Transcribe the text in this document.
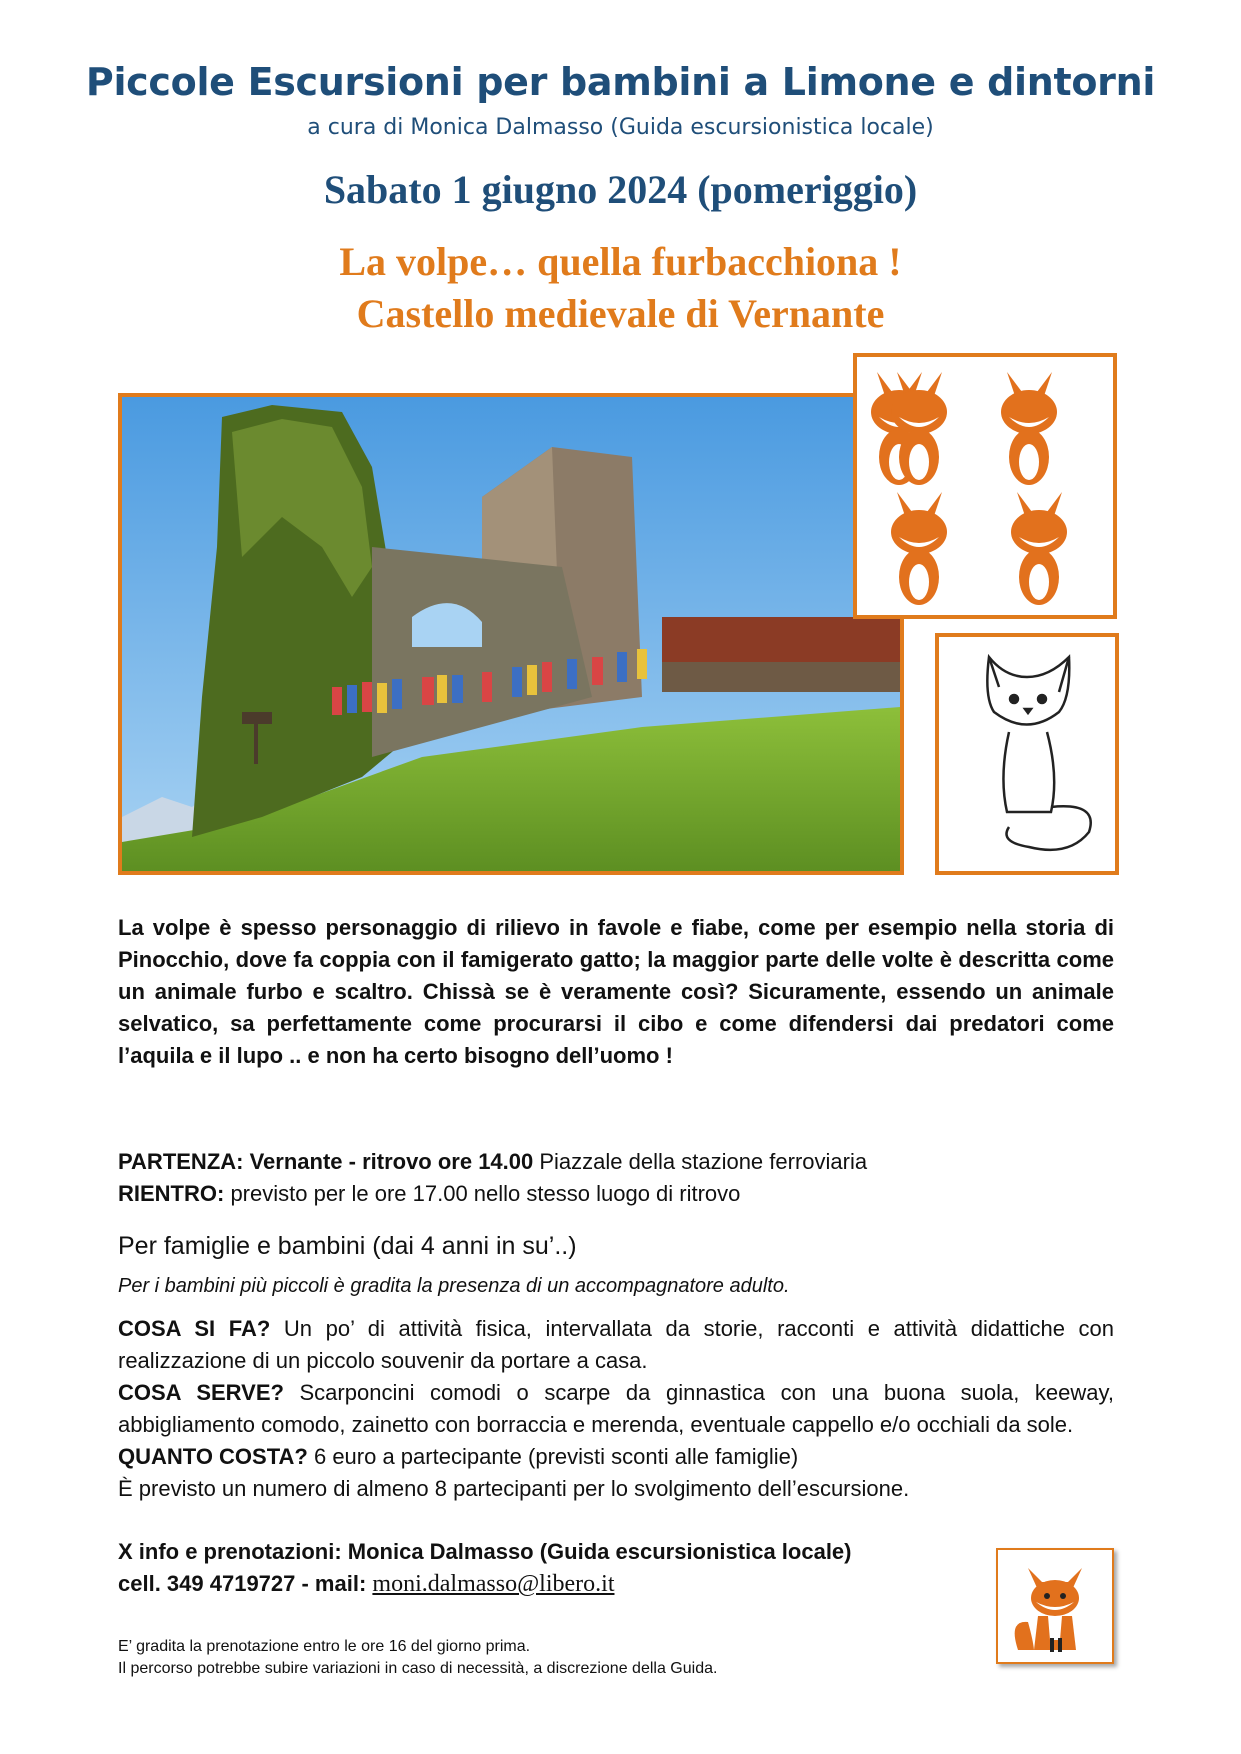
Piccole Escursioni per bambini a Limone e dintorni
a cura di Monica Dalmasso (Guida escursionistica locale)
Sabato 1 giugno 2024 (pomeriggio)
La volpe… quella furbacchiona !
Castello medievale di Vernante
La volpe è spesso personaggio di rilievo in favole e fiabe, come per esempio nella storia di Pinocchio, dove fa coppia con il famigerato gatto; la maggior parte delle volte è descritta come un animale furbo e scaltro. Chissà se è veramente così? Sicuramente, essendo un animale selvatico, sa perfettamente come procurarsi il cibo e come difendersi dai predatori come l’aquila e il lupo .. e non ha certo bisogno dell’uomo !
PARTENZA: Vernante - ritrovo ore 14.00 Piazzale della stazione ferroviaria
RIENTRO: previsto per le ore 17.00 nello stesso luogo di ritrovo
Per famiglie e bambini (dai 4 anni in su’..)
Per i bambini più piccoli è gradita la presenza di un accompagnatore adulto.
COSA SI FA? Un po’ di attività fisica, intervallata da storie, racconti e attività didattiche con
realizzazione di un piccolo souvenir da portare a casa.
COSA SERVE? Scarponcini comodi o scarpe da ginnastica con una buona suola, keeway,
abbigliamento comodo, zainetto con borraccia e merenda, eventuale cappello e/o occhiali da sole.
QUANTO COSTA? 6 euro a partecipante (previsti sconti alle famiglie)
È previsto un numero di almeno 8 partecipanti per lo svolgimento dell’escursione.
X info e prenotazioni: Monica Dalmasso (Guida escursionistica locale)
cell. 349 4719727 - mail: moni.dalmasso@libero.it
E’ gradita la prenotazione entro le ore 16 del giorno prima.
Il percorso potrebbe subire variazioni in caso di necessità, a discrezione della Guida.
